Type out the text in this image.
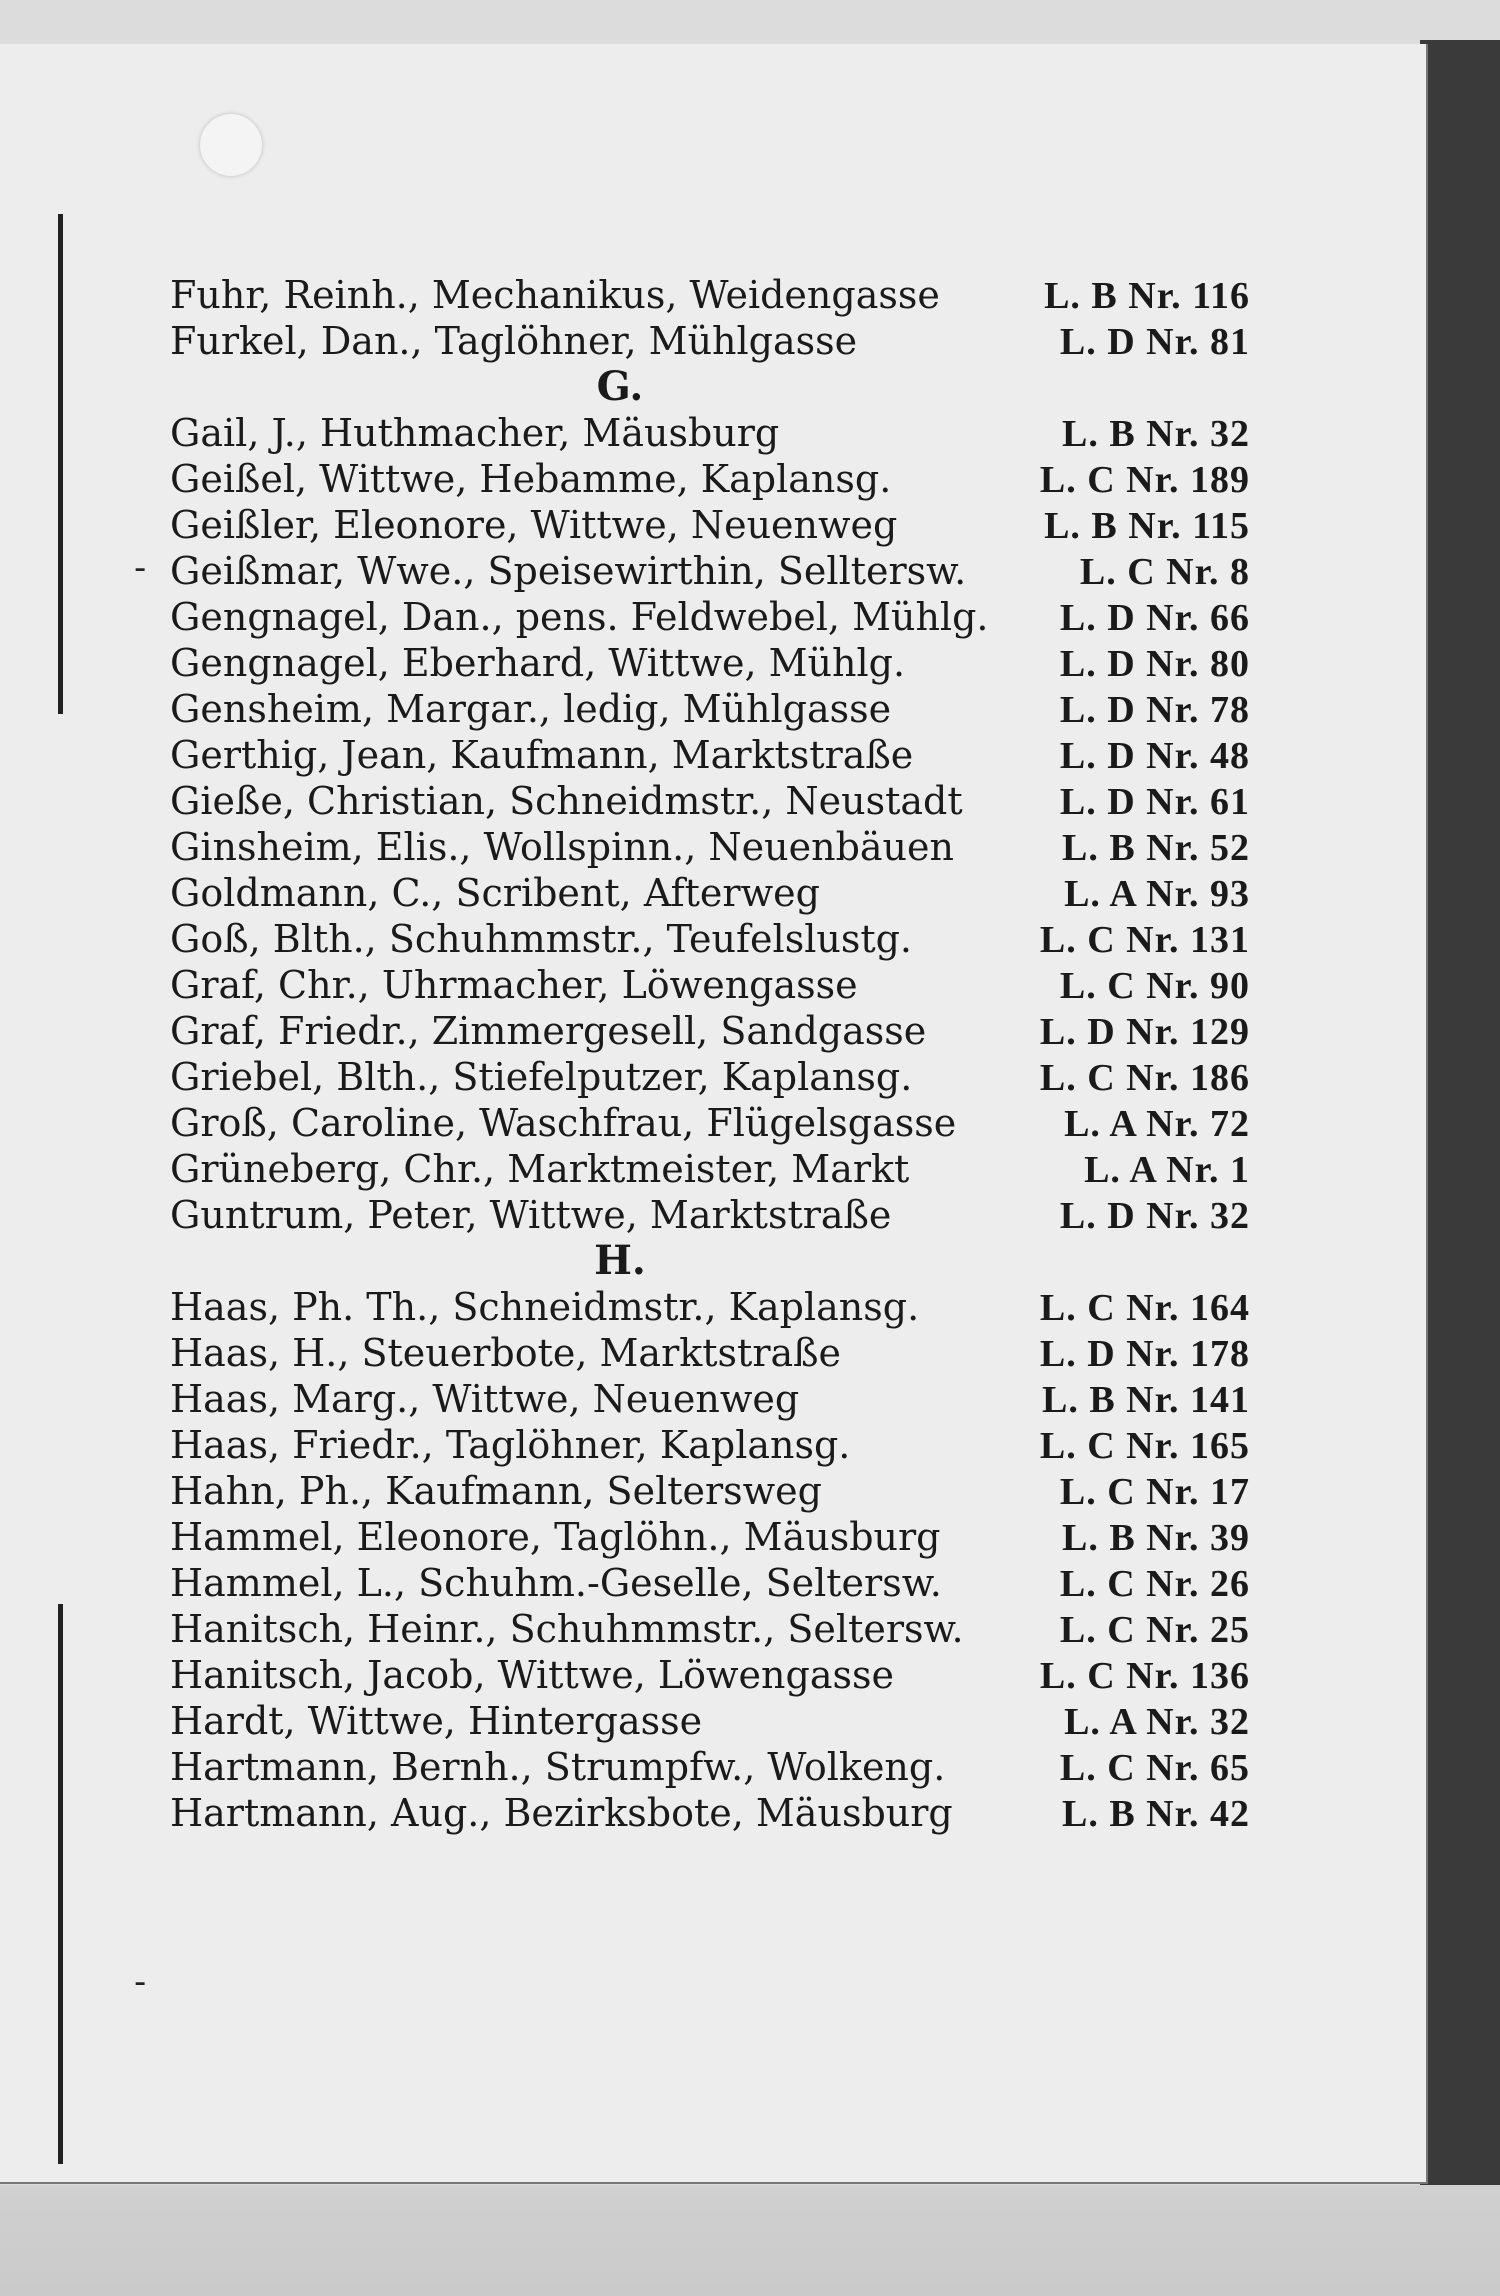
-
-
Fuhr, Reinh., Mechanikus, Weidengasse	L. B Nr. 116
Furkel, Dan., Taglöhner, Mühlgasse	L. D Nr. 81
G.
Gail, J., Huthmacher, Mäusburg	L. B Nr. 32
Geißel, Wittwe, Hebamme, Kaplansg.	L. C Nr. 189
Geißler, Eleonore, Wittwe, Neuenweg	L. B Nr. 115
Geißmar, Wwe., Speisewirthin, Selltersw.	L. C Nr. 8
Gengnagel, Dan., pens. Feldwebel, Mühlg.	L. D Nr. 66
Gengnagel, Eberhard, Wittwe, Mühlg.	L. D Nr. 80
Gensheim, Margar., ledig, Mühlgasse	L. D Nr. 78
Gerthig, Jean, Kaufmann, Marktstraße	L. D Nr. 48
Gieße, Christian, Schneidmstr., Neustadt	L. D Nr. 61
Ginsheim, Elis., Wollspinn., Neuenbäuen	L. B Nr. 52
Goldmann, C., Scribent, Afterweg	L. A Nr. 93
Goß, Blth., Schuhmmstr., Teufelslustg.	L. C Nr. 131
Graf, Chr., Uhrmacher, Löwengasse	L. C Nr. 90
Graf, Friedr., Zimmergesell, Sandgasse	L. D Nr. 129
Griebel, Blth., Stiefelputzer, Kaplansg.	L. C Nr. 186
Groß, Caroline, Waschfrau, Flügelsgasse	L. A Nr. 72
Grüneberg, Chr., Marktmeister, Markt	L. A Nr. 1
Guntrum, Peter, Wittwe, Marktstraße	L. D Nr. 32
H.
Haas, Ph. Th., Schneidmstr., Kaplansg.	L. C Nr. 164
Haas, H., Steuerbote, Marktstraße	L. D Nr. 178
Haas, Marg., Wittwe, Neuenweg	L. B Nr. 141
Haas, Friedr., Taglöhner, Kaplansg.	L. C Nr. 165
Hahn, Ph., Kaufmann, Seltersweg	L. C Nr. 17
Hammel, Eleonore, Taglöhn., Mäusburg	L. B Nr. 39
Hammel, L., Schuhm.-Geselle, Seltersw.	L. C Nr. 26
Hanitsch, Heinr., Schuhmmstr., Seltersw.	L. C Nr. 25
Hanitsch, Jacob, Wittwe, Löwengasse	L. C Nr. 136
Hardt, Wittwe, Hintergasse	L. A Nr. 32
Hartmann, Bernh., Strumpfw., Wolkeng.	L. C Nr. 65
Hartmann, Aug., Bezirksbote, Mäusburg	L. B Nr. 42
